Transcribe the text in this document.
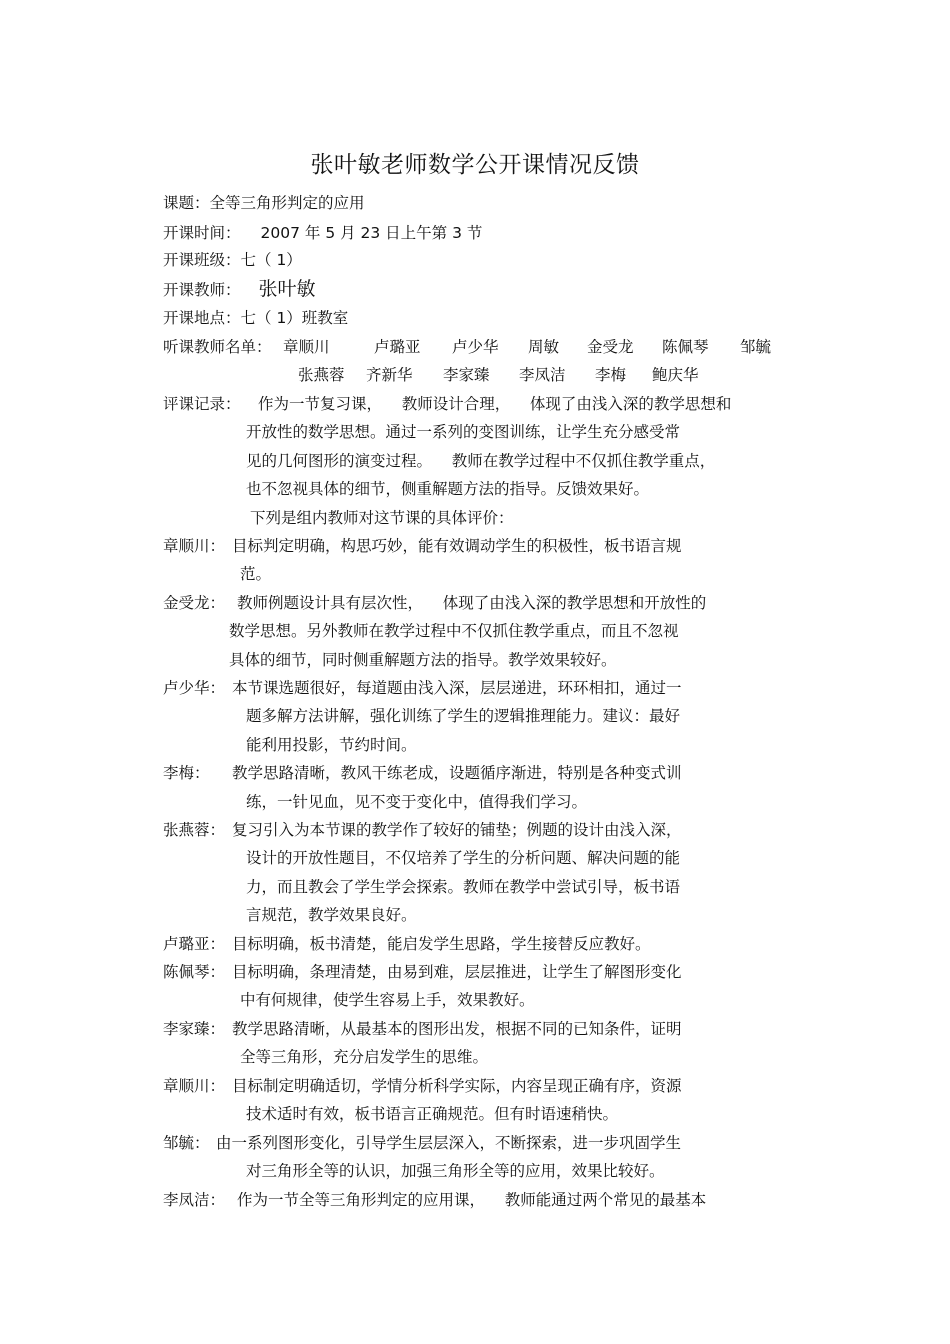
张叶敏老师数学公开课情况反馈
课题：全等三角形判定的应用
开课时间： 2007 年 5 月 23 日上午第 3 节
开课班级：七（ 1）
开课教师： 张叶敏
开课地点：七（ 1）班教室
听课教师名单： 章顺川	卢璐亚 卢少华 周敏 金受龙 陈佩琴 邹毓
张燕蓉 齐新华 李家臻 李凤洁 李梅 鲍庆华
评课记录： 作为一节复习课，    教师设计合理，    体现了由浅入深的教学思想和
开放性的数学思想。通过一系列的变图训练，让学生充分感受常
见的几何图形的演变过程。    教师在教学过程中不仅抓住教学重点，
也不忽视具体的细节，侧重解题方法的指导。反馈效果好。
下列是组内教师对这节课的具体评价：
章顺川： 目标判定明确，构思巧妙，能有效调动学生的积极性，板书语言规
范。
金受龙： 教师例题设计具有层次性，    体现了由浅入深的教学思想和开放性的
数学思想。另外教师在教学过程中不仅抓住教学重点，而且不忽视
具体的细节，同时侧重解题方法的指导。教学效果较好。
卢少华： 本节课选题很好，每道题由浅入深，层层递进，环环相扣，通过一
题多解方法讲解，强化训练了学生的逻辑推理能力。建议：最好
能利用投影，节约时间。
李梅： 教学思路清晰，教风干练老成，设题循序渐进，特别是各种变式训
练，一针见血，见不变于变化中，值得我们学习。
张燕蓉： 复习引入为本节课的教学作了较好的铺垫；例题的设计由浅入深，
设计的开放性题目，不仅培养了学生的分析问题、解决问题的能
力，而且教会了学生学会探索。教师在教学中尝试引导，板书语
言规范，教学效果良好。
卢璐亚： 目标明确，板书清楚，能启发学生思路，学生接替反应教好。
陈佩琴： 目标明确，条理清楚，由易到难，层层推进，让学生了解图形变化
中有何规律，使学生容易上手，效果教好。
李家臻： 教学思路清晰，从最基本的图形出发，根据不同的已知条件，证明
全等三角形，充分启发学生的思维。
章顺川： 目标制定明确适切，学情分析科学实际，内容呈现正确有序，资源
技术适时有效，板书语言正确规范。但有时语速稍快。
邹毓： 由一系列图形变化，引导学生层层深入，不断探索，进一步巩固学生
对三角形全等的认识，加强三角形全等的应用，效果比较好。
李凤洁： 作为一节全等三角形判定的应用课，    教师能通过两个常见的最基本
